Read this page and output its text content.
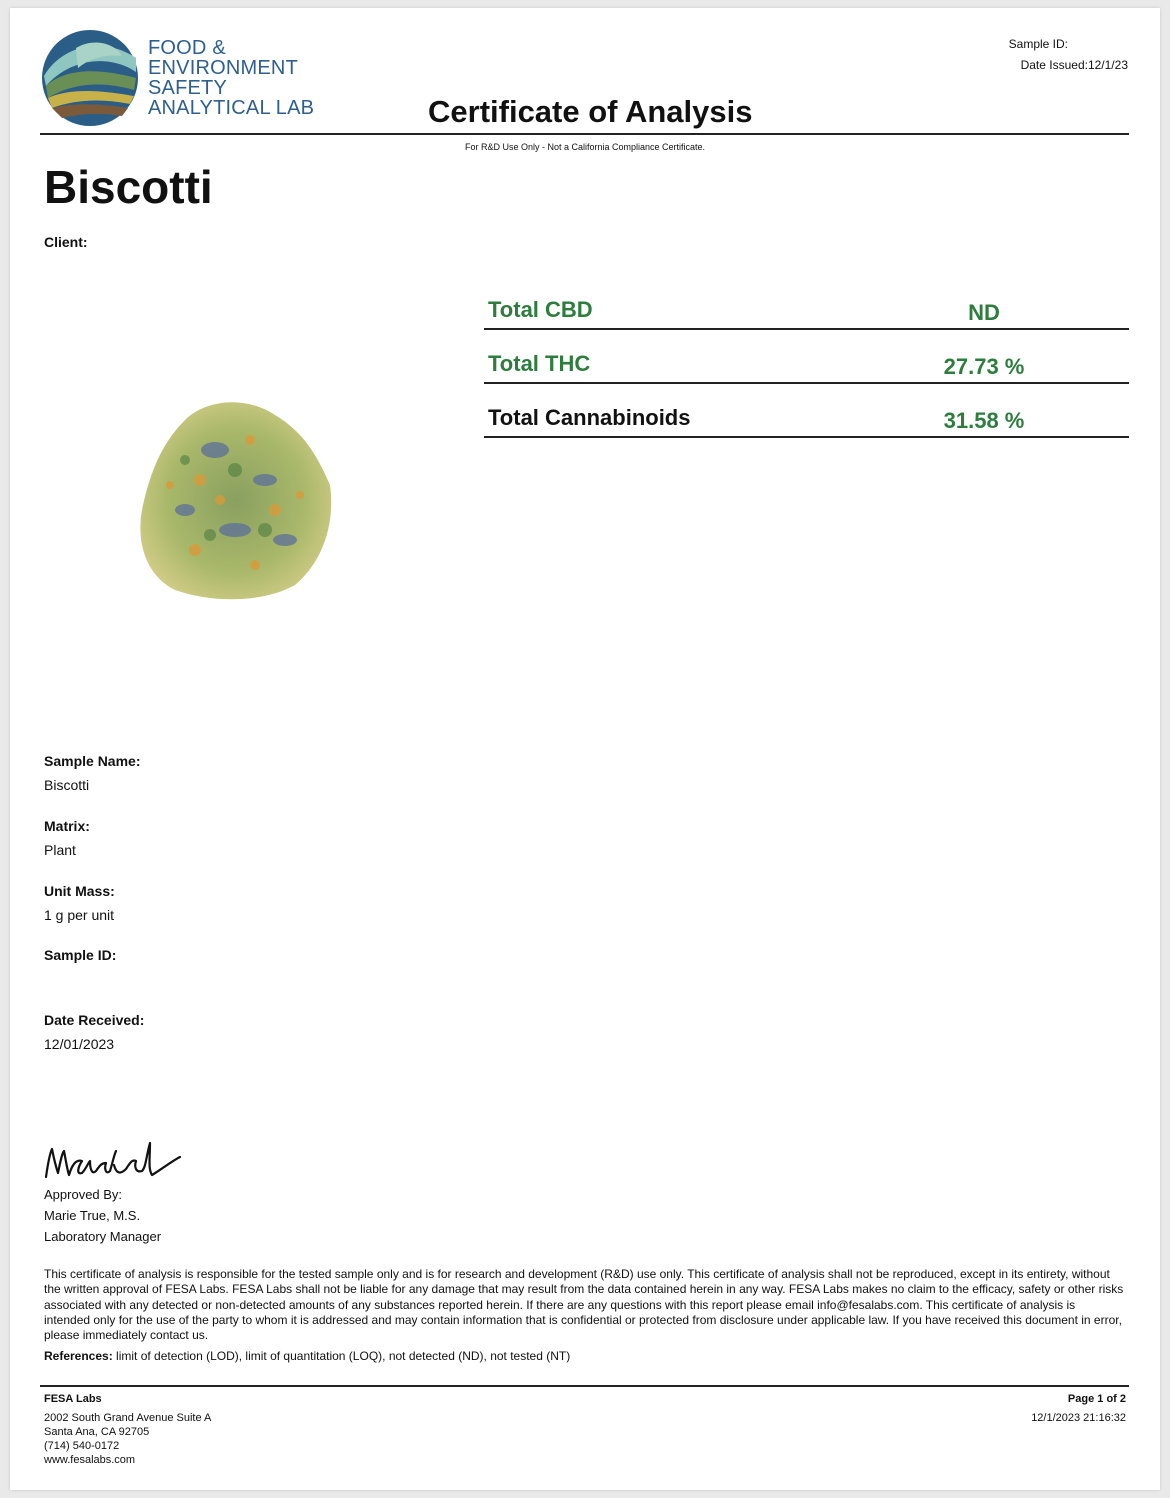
FOOD &
ENVIRONMENT
SAFETY
ANALYTICAL LAB	Certificate of Analysis
Sample ID:
Date Issued:12/1/23
For R&D Use Only - Not a California Compliance Certificate.
Biscotti
Client:
Total CBD	ND
Total THC	27.73 %
Total Cannabinoids	31.58 %
Sample Name:
Biscotti
Matrix:
Plant
Unit Mass:
1 g per unit
Sample ID:
Date Received:
12/01/2023
Approved By:
Marie True, M.S.
Laboratory Manager
This certificate of analysis is responsible for the tested sample only and is for research and development (R&D) use only. This certificate of analysis shall not be reproduced, except in its entirety, without the written approval of FESA Labs. FESA Labs shall not be liable for any damage that may result from the data contained herein in any way. FESA Labs makes no claim to the efficacy, safety or other risks associated with any detected or non-detected amounts of any substances reported herein. If there are any questions with this report please email info@fesalabs.com. This certificate of analysis is intended only for the use of the party to whom it is addressed and may contain information that is confidential or protected from disclosure under applicable law. If you have received this document in error, please immediately contact us.
References: limit of detection (LOD), limit of quantitation (LOQ), not detected (ND), not tested (NT)
FESA Labs
2002 South Grand Avenue Suite A
Santa Ana, CA 92705
(714) 540-0172
www.fesalabs.com
Page 1 of 2
12/1/2023 21:16:32
